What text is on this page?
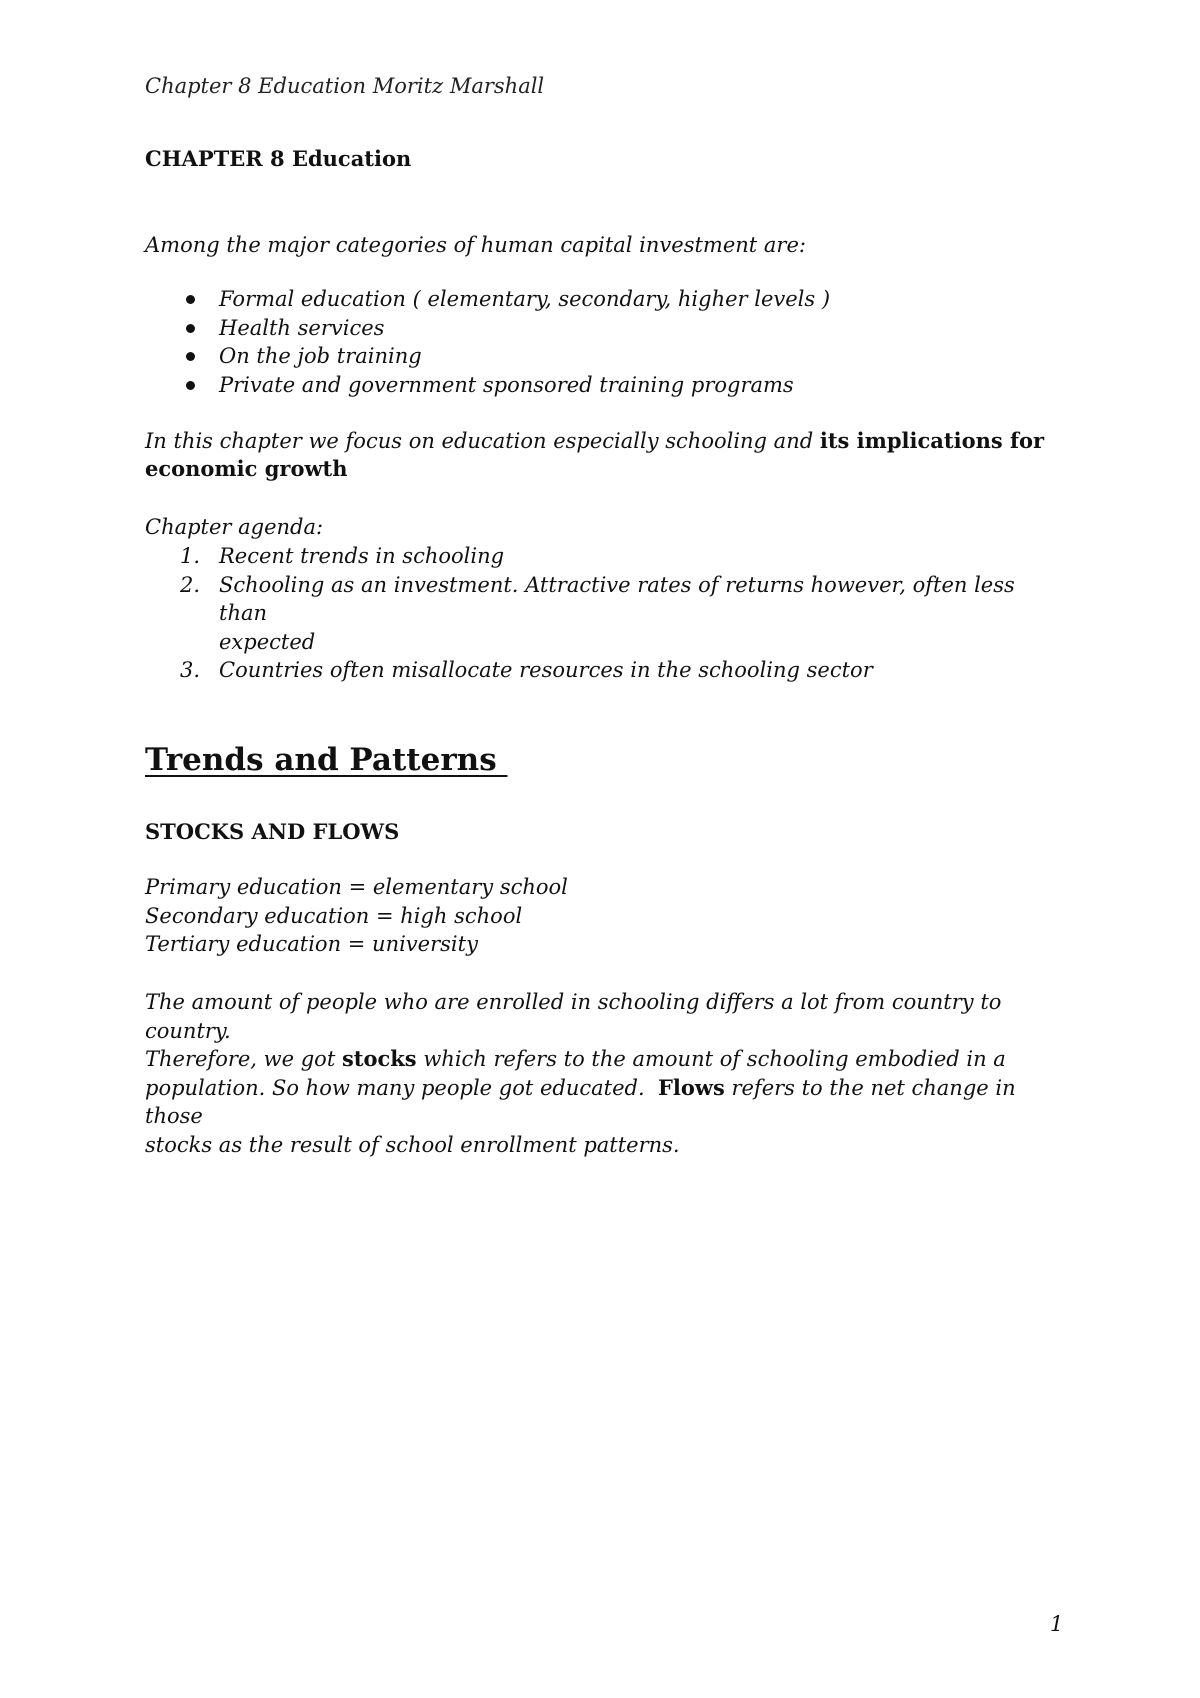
Chapter 8 Education Moritz Marshall
CHAPTER 8 Education
Among the major categories of human capital investment are:
Formal education ( elementary, secondary, higher levels )
Health services
On the job training
Private and government sponsored training programs
In this chapter we focus on education especially schooling and its implications for
economic growth
Chapter agenda:
1. Recent trends in schooling
2. Schooling as an investment. Attractive rates of returns however, often less than
expected
3. Countries often misallocate resources in the schooling sector
Trends and Patterns
STOCKS AND FLOWS
Primary education = elementary school
Secondary education = high school
Tertiary education = university
The amount of people who are enrolled in schooling differs a lot from country to country.
Therefore, we got stocks which refers to the amount of schooling embodied in a
population. So how many people got educated.  Flows refers to the net change in those
stocks as the result of school enrollment patterns.
1
